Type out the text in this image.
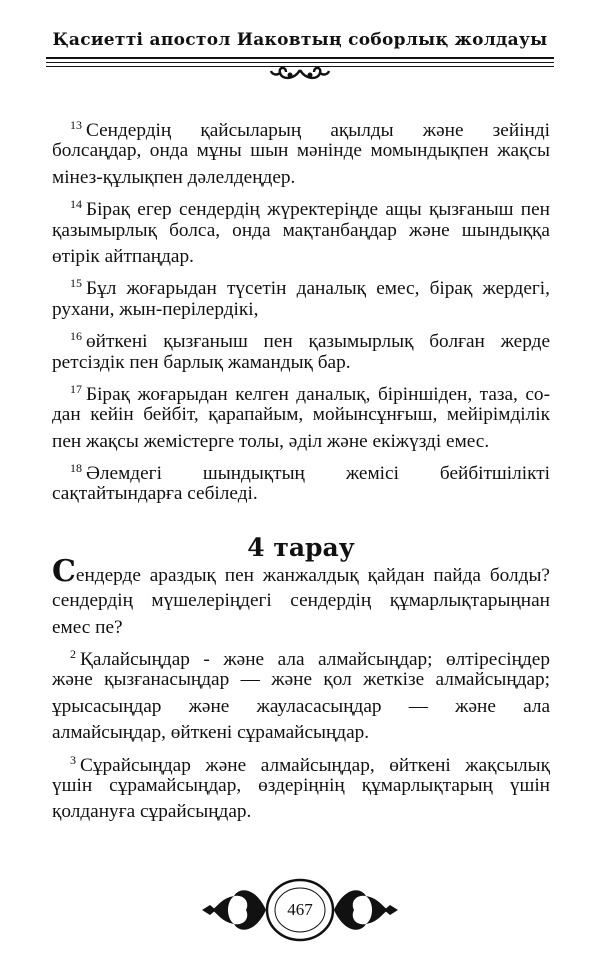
Қасиетті апостол Иаковтың соборлық жолдауы
$^{13}$ Сендердің қайсыларың ақылды және зейінді
болсаңдар, онда мұны шын мәнінде момындықпен жақсы
мінез-құлықпен дәлелдеңдер.
$^{14}$ Бірақ егер сендердің жүректеріңде ащы қызғаныш пен
қазымырлық болса, онда мақтанбаңдар және шындыққа
өтірік айтпаңдар.
$^{15}$ Бұл жоғарыдан түсетін даналық емес, бірақ жердегі,
рухани, жын-перілердікі,
$^{16}$ өйткені қызғаныш пен қазымырлық болған жерде
ретсіздік пен барлық жамандық бар.
$^{17}$ Бірақ жоғарыдан келген даналық, біріншіден, таза, со-
дан кейін бейбіт, қарапайым, мойынсұнғыш, мейірімділік
пен жақсы жемістерге толы, әділ және екіжүзді емес.
$^{18}$ Әлемдегі шындықтың жемісі бейбітшілікті
сақтайтындарға себіледі.
4 тарау
Сендерде араздық пен жанжалдық қайдан пайда болды?
сендердің мүшелеріңдегі сендердің құмарлықтарыңнан
емес пе?
$^2$ Қалайсыңдар - және ала алмайсыңдар; өлтіресіңдер
және қызғанасыңдар — және қол жеткізе алмайсыңдар;
ұрысасыңдар және жауласасыңдар — және ала
алмайсыңдар, өйткені сұрамайсыңдар.
$^3$ Сұрайсыңдар және алмайсыңдар, өйткені жақсылық
үшін сұрамайсыңдар, өздеріңнің құмарлықтарың үшін
қолдануға сұрайсыңдар.
467
